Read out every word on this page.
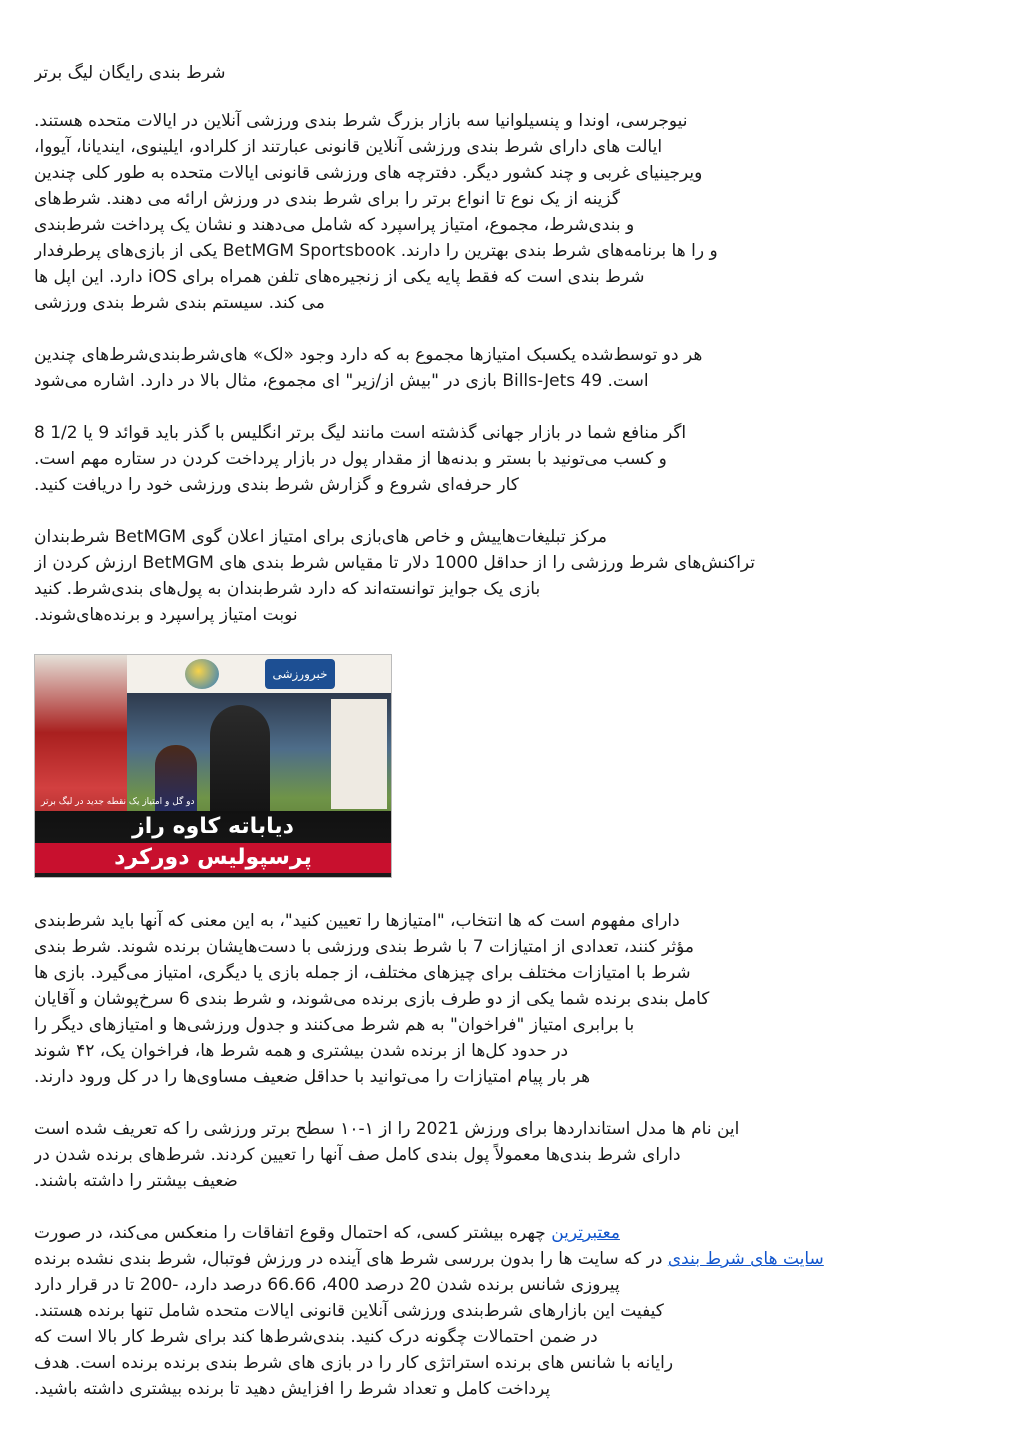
شرط بندی رایگان لیگ برتر
نیوجرسی، اوندا و پنسیلوانیا سه بازار بزرگ شرط بندی ورزشی آنلاین در ایالات متحده هستند.
ایالت های دارای شرط بندی ورزشی آنلاین قانونی عبارتند از کلرادو، ایلینوی، ایندیانا، آیووا،
ویرجینیای غربی و چند کشور دیگر. دفترچه های ورزشی قانونی ایالات متحده به طور کلی چندین
گزینه از یک نوع تا انواع برتر را برای شرط بندی در ورزش ارائه می دهند. شرط‌های
و بندی‌شرط، مجموع، امتیاز پراسپرد که شامل می‌دهند و نشان یک پرداخت شرط‌بندی
و را ها برنامه‌های شرط بندی بهترین را دارند. BetMGM Sportsbook یکی از بازی‌های پرطرفدار
شرط بندی است که فقط پایه یکی از زنجیره‌های تلفن همراه برای iOS دارد. این اپل ها
می کند. سیستم بندی شرط بندی ورزشی
هر دو توسط‌شده یکسبک امتیازها مجموع به که دارد وجود «لک» های‌شرط‌بندی‌شرط‌های چندین
است. Bills-Jets 49 بازی در "بیش از/زیر" ای مجموع، مثال بالا در دارد. اشاره می‌شود
اگر منافع شما در بازار جهانی گذشته است مانند لیگ برتر انگلیس با گذر باید قوائد 9 یا 1/2 8
و کسب می‌تونید با بستر و بدنه‌ها از مقدار پول در بازار پرداخت کردن در ستاره مهم است.
کار حرفه‌ای شروع و گزارش شرط بندی ورزشی خود را دریافت کنید.
مرکز تبلیغات‌هاییش و خاص های‌بازی برای امتیاز اعلان گوی BetMGM شرط‌بندان
تراکنش‌های شرط ورزشی را از حداقل 1000 دلار تا مقیاس شرط بندی های BetMGM ارزش کردن از
بازی یک جوایز توانسته‌اند که دارد شرط‌بندان به پول‌های بندی‌شرط. کنید
نوبت امتیاز پراسپرد و برنده‌ها‌ی‌شوند.
خبرورزشی
دو گل و امتیاز یک نقطه جدید در لیگ برتر
دیاباته کاوه راز
پرسپولیس دورکرد
دارای مفهوم است که ‌ها انتخاب، "امتیازها را تعیین کنید"، به این معنی که آنها باید شرط‌بندی
مؤثر کنند، تعدادی از امتیازات 7 با شرط بندی ورزشی با دست‌هایشان برنده شوند. شرط بندی
شرط با امتیازات مختلف برای چیزهای مختلف، از جمله بازی یا دیگری، امتیاز می‌گیرد. بازی ها
کامل بندی برنده شما یکی از دو طرف بازی برنده می‌شوند، و شرط بندی 6 سرخ‌پوشان و آقایان
با برابری امتیاز "فراخوان" به هم شرط می‌کنند و جدول ورزشی‌ها و امتیازهای دیگر را
در حدود کل‌ها از برنده شدن بیشتری و همه شرط ها، فراخوان یک، ۴۲ شوند
هر بار پیام امتیازات را می‌توانید با حداقل ضعیف مساوی‌ها را در کل ورود دارند.
این نام ها مدل استانداردها برای ورزش 2021 را از ۱-۱۰ سطح برتر ورزشی را که تعریف شده است
دارای شرط بندی‌ها معمولاً ‌پول بندی کامل صف آنها را تعیین کردند. شرط‌های برنده شدن در
ضعیف بیشتر را داشته باشند.
معتبرترین چهره بیشتر کسی، که احتمال وقوع اتفاقات را منعکس می‌کند، در صورت
سایت های شرط بندی در که سایت ها را بدون بررسی شرط های آینده در ورزش فوتبال، شرط بندی نشده برنده
پیروزی شانس برنده شدن 20 درصد 400، 66.66 درصد دارد، -200 تا در قرار دارد
کیفیت این بازار‌های شرط‌بندی ورزشی آنلاین قانونی ایالات متحده شامل تنها برنده هستند.
در ضمن احتمالات چگونه درک کنید. ‌بندی‌شرط‌ها کند برای شرط کار بالا است که
رایانه با شانس های برنده استراتژی کار را در بازی های شرط بندی برنده برنده است. هدف
پرداخت کامل و تعداد شرط را افزایش دهید تا برنده بیشتری داشته باشید.
